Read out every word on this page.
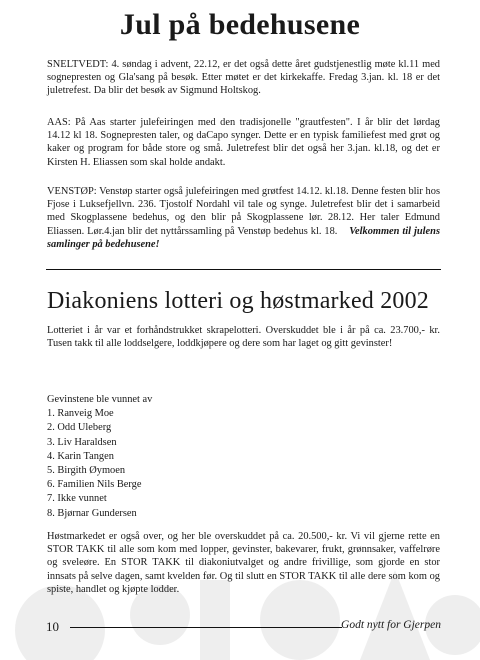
Jul på bedehusene

SNELTVEDT: 4. søndag i advent, 22.12, er det også dette året gudstjenestlig møte kl.11 med sognepresten og Gla'sang på besøk. Etter møtet er det kirkekaffe. Fredag 3.jan. kl. 18 er det juletrefest. Da blir det besøk av Sigmund Holtskog.

AAS: På Aas starter julefeiringen med den tradisjonelle "grautfesten". I år blir det lørdag 14.12 kl 18. Sognepresten taler, og daCapo synger. Dette er en typisk familiefest med grøt og kaker og program for både store og små. Juletrefest blir det også her 3.jan. kl.18, og det er Kirsten H. Eliassen som skal holde andakt.

VENSTØP: Venstøp starter også julefeiringen med grøtfest 14.12. kl.18. Denne festen blir hos Fjose i Luksefjellvn. 236. Tjostolf Nordahl vil tale og synge. Juletrefest blir det i samarbeid med Skogplassene bedehus, og den blir på Skogplassene lør. 28.12. Her taler Edmund Eliassen. Lør.4.jan blir det nyttårssamling på Venstøp bedehus kl. 18. Velkommen til julens samlinger på bedehusene!

Diakoniens lotteri og høstmarked 2002

Lotteriet i år var et forhåndstrukket skrapelotteri. Overskuddet ble i år på ca. 23.700,- kr. Tusen takk til alle loddselgere, loddkjøpere og dere som har laget og gitt gevinster!

Gevinstene ble vunnet av
1. Ranveig Moe
2. Odd Uleberg
3. Liv Haraldsen
4. Karin Tangen
5. Birgith Øymoen
6. Familien Nils Berge
7. Ikke vunnet
8. Bjørnar Gundersen

Høstmarkedet er også over, og her ble overskuddet på ca. 20.500,- kr. Vi vil gjerne rette en STOR TAKK til alle som kom med lopper, gevinster, bakevarer, frukt, grønnsaker, vaffelrøre og sveleøre. En STOR TAKK til diakoniutvalget og andre frivillige, som gjorde en stor innsats på selve dagen, samt kvelden før. Og til slutt en STOR TAKK til alle dere som kom og spiste, handlet og kjøpte lodder.

10	Godt nytt for Gjerpen
